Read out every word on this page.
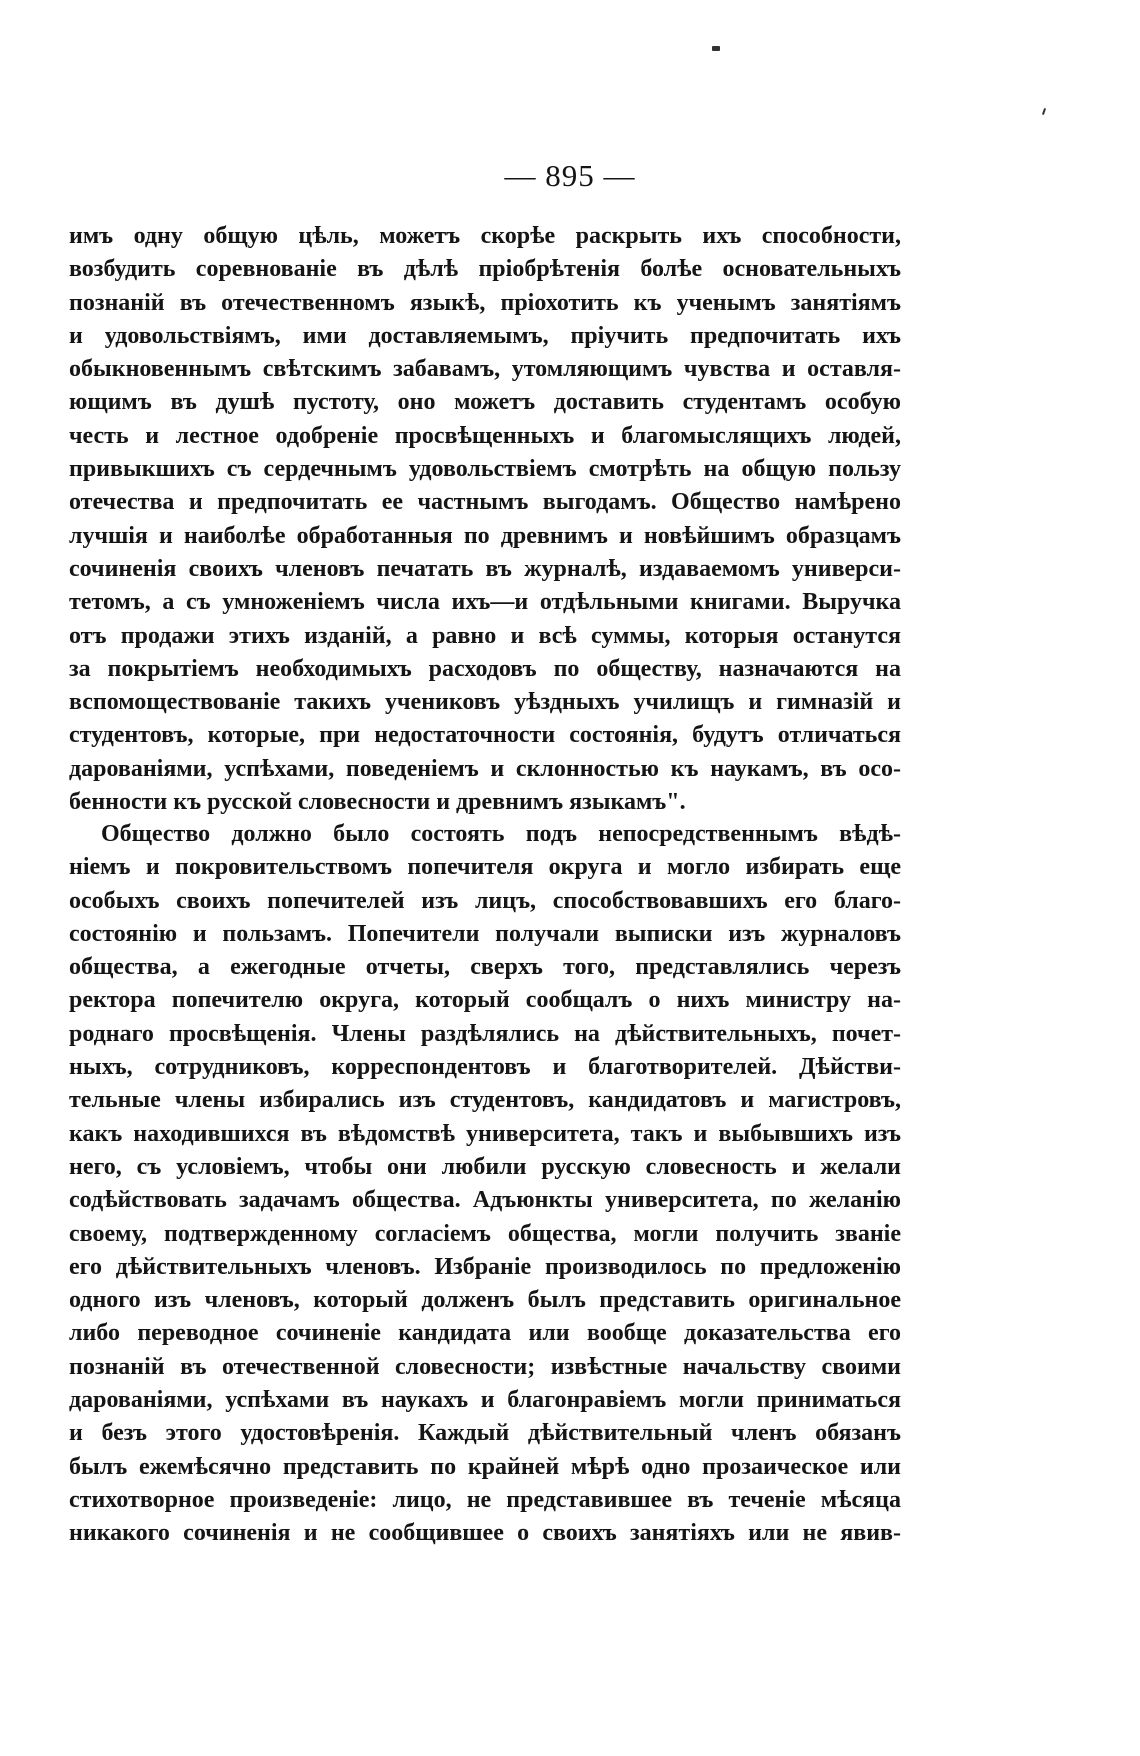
— 895 —
имъ одну общую цѣль, можетъ скорѣе раскрыть ихъ способности,
возбудить соревнованіе въ дѣлѣ пріобрѣтенія болѣе основательныхъ
познаній въ отечественномъ языкѣ, пріохотить къ ученымъ занятіямъ
и удовольствіямъ, ими доставляемымъ, пріучить предпочитать ихъ
обыкновеннымъ свѣтскимъ забавамъ, утомляющимъ чувства и оставля-
ющимъ въ душѣ пустоту, оно можетъ доставить студентамъ особую
честь и лестное одобреніе просвѣщенныхъ и благомыслящихъ людей,
привыкшихъ съ сердечнымъ удовольствіемъ смотрѣть на общую пользу
отечества и предпочитать ее частнымъ выгодамъ. Общество намѣрено
лучшія и наиболѣе обработанныя по древнимъ и новѣйшимъ образцамъ
сочиненія своихъ членовъ печатать въ журналѣ, издаваемомъ универси-
тетомъ, а съ умноженіемъ числа ихъ—и отдѣльными книгами. Выручка
отъ продажи этихъ изданій, а равно и всѣ суммы, которыя останутся
за покрытіемъ необходимыхъ расходовъ по обществу, назначаются на
вспомоществованіе такихъ учениковъ уѣздныхъ училищъ и гимназій и
студентовъ, которые, при недостаточности состоянія, будутъ отличаться
дарованіями, успѣхами, поведеніемъ и склонностью къ наукамъ, въ осо-
бенности къ русской словесности и древнимъ языкамъ".
Общество должно было состоять подъ непосредственнымъ вѣдѣ-
ніемъ и покровительствомъ попечителя округа и могло избирать еще
особыхъ своихъ попечителей изъ лицъ, способствовавшихъ его благо-
состоянію и пользамъ. Попечители получали выписки изъ журналовъ
общества, а ежегодные отчеты, сверхъ того, представлялись черезъ
ректора попечителю округа, который сообщалъ о нихъ министру на-
роднаго просвѣщенія. Члены раздѣлялись на дѣйствительныхъ, почет-
ныхъ, сотрудниковъ, корреспондентовъ и благотворителей. Дѣйстви-
тельные члены избирались изъ студентовъ, кандидатовъ и магистровъ,
какъ находившихся въ вѣдомствѣ университета, такъ и выбывшихъ изъ
него, съ условіемъ, чтобы они любили русскую словесность и желали
содѣйствовать задачамъ общества. Адъюнкты университета, по желанію
своему, подтвержденному согласіемъ общества, могли получить званіе
его дѣйствительныхъ членовъ. Избраніе производилось по предложенію
одного изъ членовъ, который долженъ былъ представить оригинальное
либо переводное сочиненіе кандидата или вообще доказательства его
познаній въ отечественной словесности; извѣстные начальству своими
дарованіями, успѣхами въ наукахъ и благонравіемъ могли приниматься
и безъ этого удостовѣренія. Каждый дѣйствительный членъ обязанъ
былъ ежемѣсячно представить по крайней мѣрѣ одно прозаическое или
стихотворное произведеніе: лицо, не представившее въ теченіе мѣсяца
никакого сочиненія и не сообщившее о своихъ занятіяхъ или не явив-
